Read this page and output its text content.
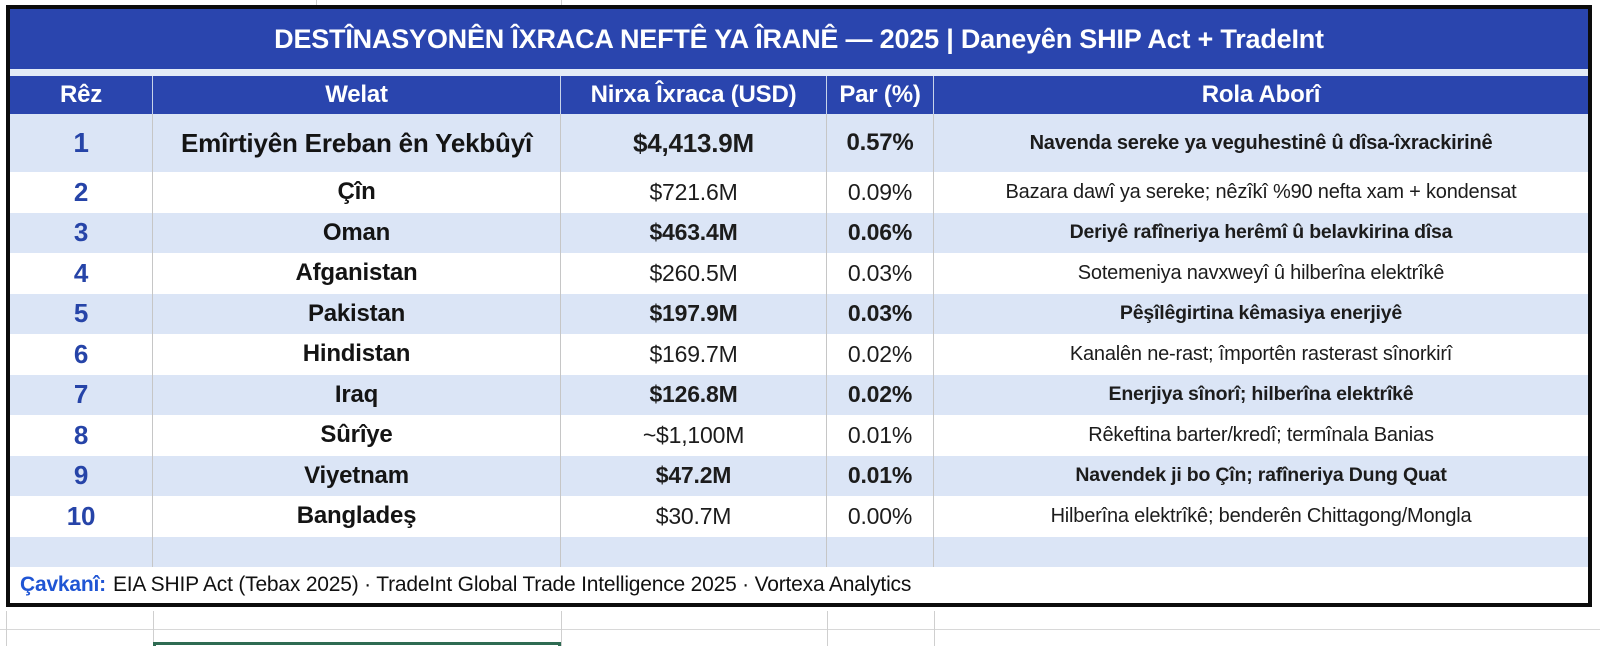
DESTÎNASYONÊN ÎXRACA NEFTÊ YA ÎRANÊ — 2025 | Daneyên SHIP Act + TradeInt
Rêz	Welat	Nirxa Îxraca (USD)	Par (%)	Rola Aborî
1	Emîrtiyên Ereban ên Yekbûyî	$4,413.9M	0.57%	Navenda sereke ya veguhestinê û dîsa-îxrackirinê
2	Çîn	$721.6M	0.09%	Bazara dawî ya sereke; nêzîkî %90 nefta xam + kondensat
3	Oman	$463.4M	0.06%	Deriyê rafîneriya herêmî û belavkirina dîsa
4	Afganistan	$260.5M	0.03%	Sotemeniya navxweyî û hilberîna elektrîkê
5	Pakistan	$197.9M	0.03%	Pêşîlêgirtina kêmasiya enerjiyê
6	Hindistan	$169.7M	0.02%	Kanalên ne-rast; împortên rasterast sînorkirî
7	Iraq	$126.8M	0.02%	Enerjiya sînorî; hilberîna elektrîkê
8	Sûrîye	~$1,100M	0.01%	Rêkeftina barter/kredî; termînala Banias
9	Viyetnam	$47.2M	0.01%	Navendek ji bo Çîn; rafîneriya Dung Quat
10	Bangladeş	$30.7M	0.00%	Hilberîna elektrîkê; benderên Chittagong/Mongla
Çavkanî: EIA SHIP Act (Tebax 2025) · TradeInt Global Trade Intelligence 2025 · Vortexa Analytics
